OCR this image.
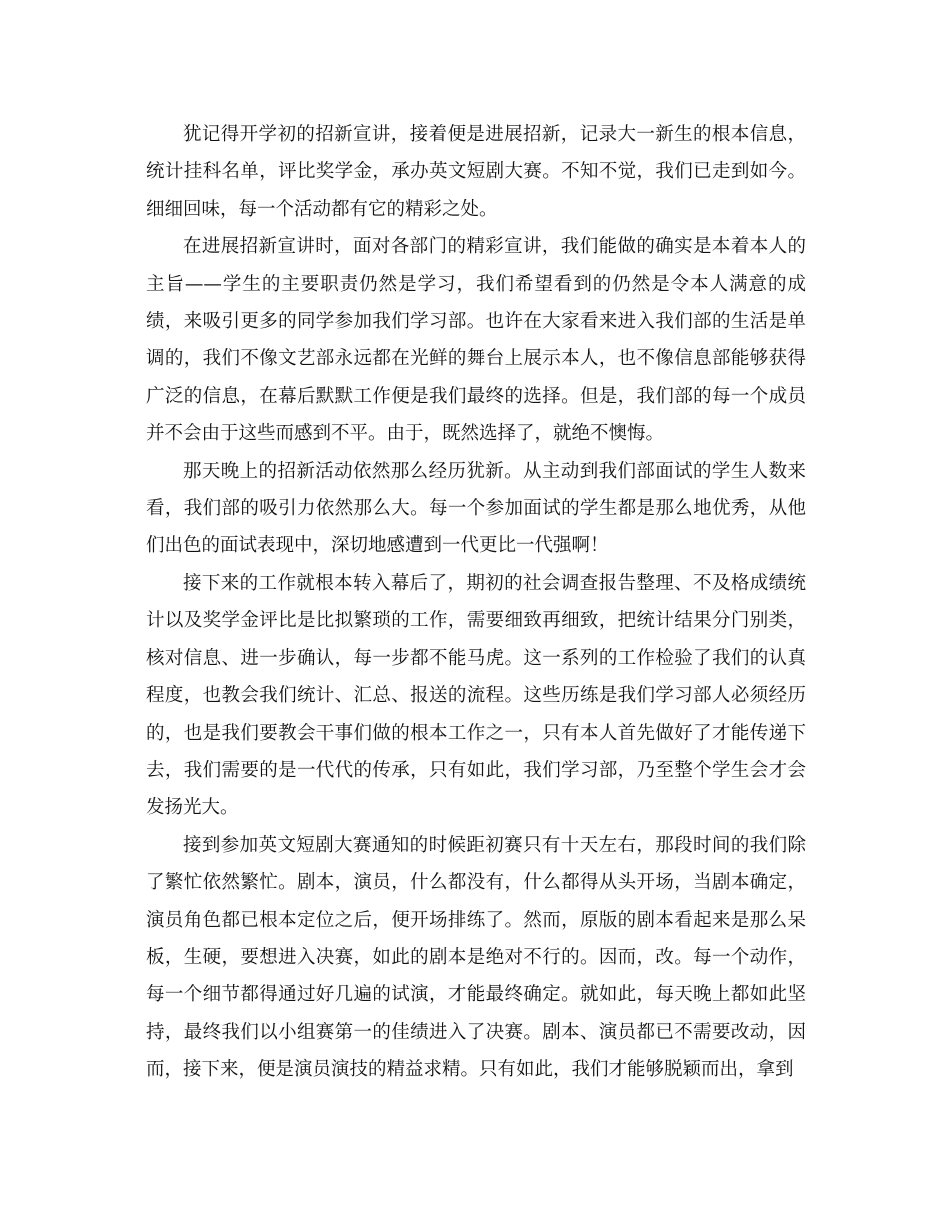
犹记得开学初的招新宣讲，接着便是进展招新，记录大一新生的根本信息，统计挂科名单，评比奖学金，承办英文短剧大赛。不知不觉，我们已走到如今。细细回味，每一个活动都有它的精彩之处。

在进展招新宣讲时，面对各部门的精彩宣讲，我们能做的确实是本着本人的主旨——学生的主要职责仍然是学习，我们希望看到的仍然是令本人满意的成绩，来吸引更多的同学参加我们学习部。也许在大家看来进入我们部的生活是单调的，我们不像文艺部永远都在光鲜的舞台上展示本人，也不像信息部能够获得广泛的信息，在幕后默默工作便是我们最终的选择。但是，我们部的每一个成员并不会由于这些而感到不平。由于，既然选择了，就绝不懊悔。

那天晚上的招新活动依然那么经历犹新。从主动到我们部面试的学生人数来看，我们部的吸引力依然那么大。每一个参加面试的学生都是那么地优秀，从他们出色的面试表现中，深切地感遭到一代更比一代强啊！

接下来的工作就根本转入幕后了，期初的社会调查报告整理、不及格成绩统计以及奖学金评比是比拟繁琐的工作，需要细致再细致，把统计结果分门别类，核对信息、进一步确认，每一步都不能马虎。这一系列的工作检验了我们的认真程度，也教会我们统计、汇总、报送的流程。这些历练是我们学习部人必须经历的，也是我们要教会干事们做的根本工作之一，只有本人首先做好了才能传递下去，我们需要的是一代代的传承，只有如此，我们学习部，乃至整个学生会才会发扬光大。

接到参加英文短剧大赛通知的时候距初赛只有十天左右，那段时间的我们除了繁忙依然繁忙。剧本，演员，什么都没有，什么都得从头开场，当剧本确定，演员角色都已根本定位之后，便开场排练了。然而，原版的剧本看起来是那么呆板，生硬，要想进入决赛，如此的剧本是绝对不行的。因而，改。每一个动作，每一个细节都得通过好几遍的试演，才能最终确定。就如此，每天晚上都如此坚持，最终我们以小组赛第一的佳绩进入了决赛。剧本、演员都已不需要改动，因而，接下来，便是演员演技的精益求精。只有如此，我们才能够脱颖而出，拿到
